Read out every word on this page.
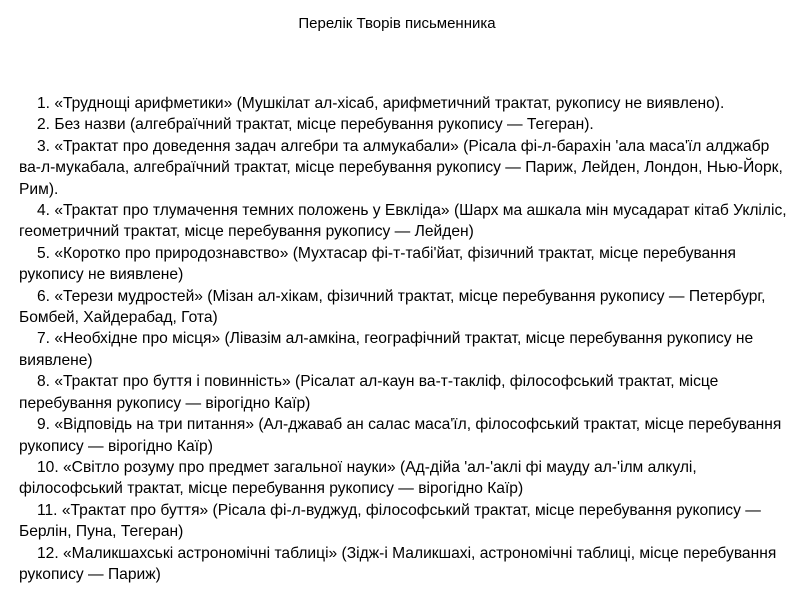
Перелік Творів письменника

1. «Труднощі арифметики» (Мушкілат ал-хісаб, арифметичний трактат, рукопису не виявлено).

2. Без назви (алгебраїчний трактат, місце перебування рукопису — Тегеран).

3. «Трактат про доведення задач алгебри та алмукабали» (Рісала фі-л-барахін 'ала маса'їл алджабр ва-л-мукабала, алгебраїчний трактат, місце перебування рукопису — Париж, Лейден, Лондон, Нью-Йорк, Рим).

4. «Трактат про тлумачення темних положень у Евкліда» (Шарх ма ашкала мін мусадарат кітаб Укліліс, геометричний трактат, місце перебування рукопису — Лейден)

5. «Коротко про природознавство» (Мухтасар фі-т-табі'йат, фізичний трактат, місце перебування рукопису не виявлене)

6. «Терези мудростей» (Мізан ал-хікам, фізичний трактат, місце перебування рукопису — Петербург, Бомбей, Хайдерабад, Гота)

7. «Необхідне про місця» (Лівазім ал-амкіна, географічний трактат, місце перебування рукопису не виявлене)

8. «Трактат про буття і повинність» (Рісалат ал-каун ва-т-такліф, філософський трактат, місце перебування рукопису — вірогідно Каїр)

9. «Відповідь на три питання» (Ал-джаваб ан салас маса'їл, філософський трактат, місце перебування рукопису — вірогідно Каїр)

10. «Світло розуму про предмет загальної науки» (Ад-дійа 'ал-'аклі фі мауду ал-'ілм алкулі, філософський трактат, місце перебування рукопису — вірогідно Каїр)

11. «Трактат про буття» (Рісала фі-л-вуджуд, філософський трактат, місце перебування рукопису — Берлін, Пуна, Тегеран)

12. «Маликшахські астрономічні таблиці» (Зідж-і Маликшахі, астрономічні таблиці, місце перебування рукопису — Париж)
